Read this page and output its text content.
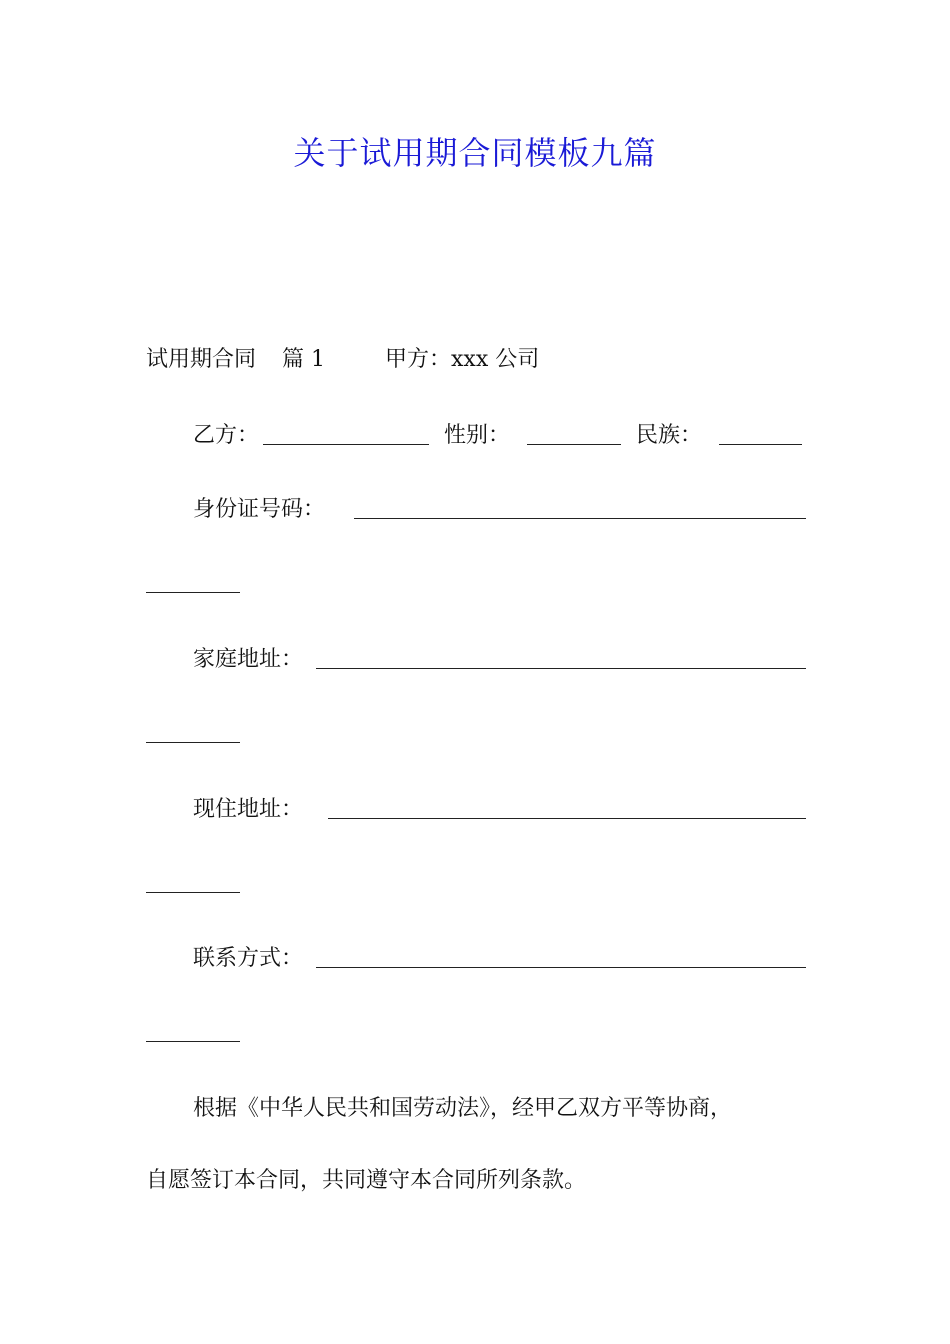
关于试用期合同模板九篇
试用期合同 篇 1	甲方：xxx 公司
乙方：	性别：	民族：
身份证号码：
家庭地址：
现住地址：
联系方式：
根据《中华人民共和国劳动法》，经甲乙双方平等协商，
自愿签订本合同，共同遵守本合同所列条款。
